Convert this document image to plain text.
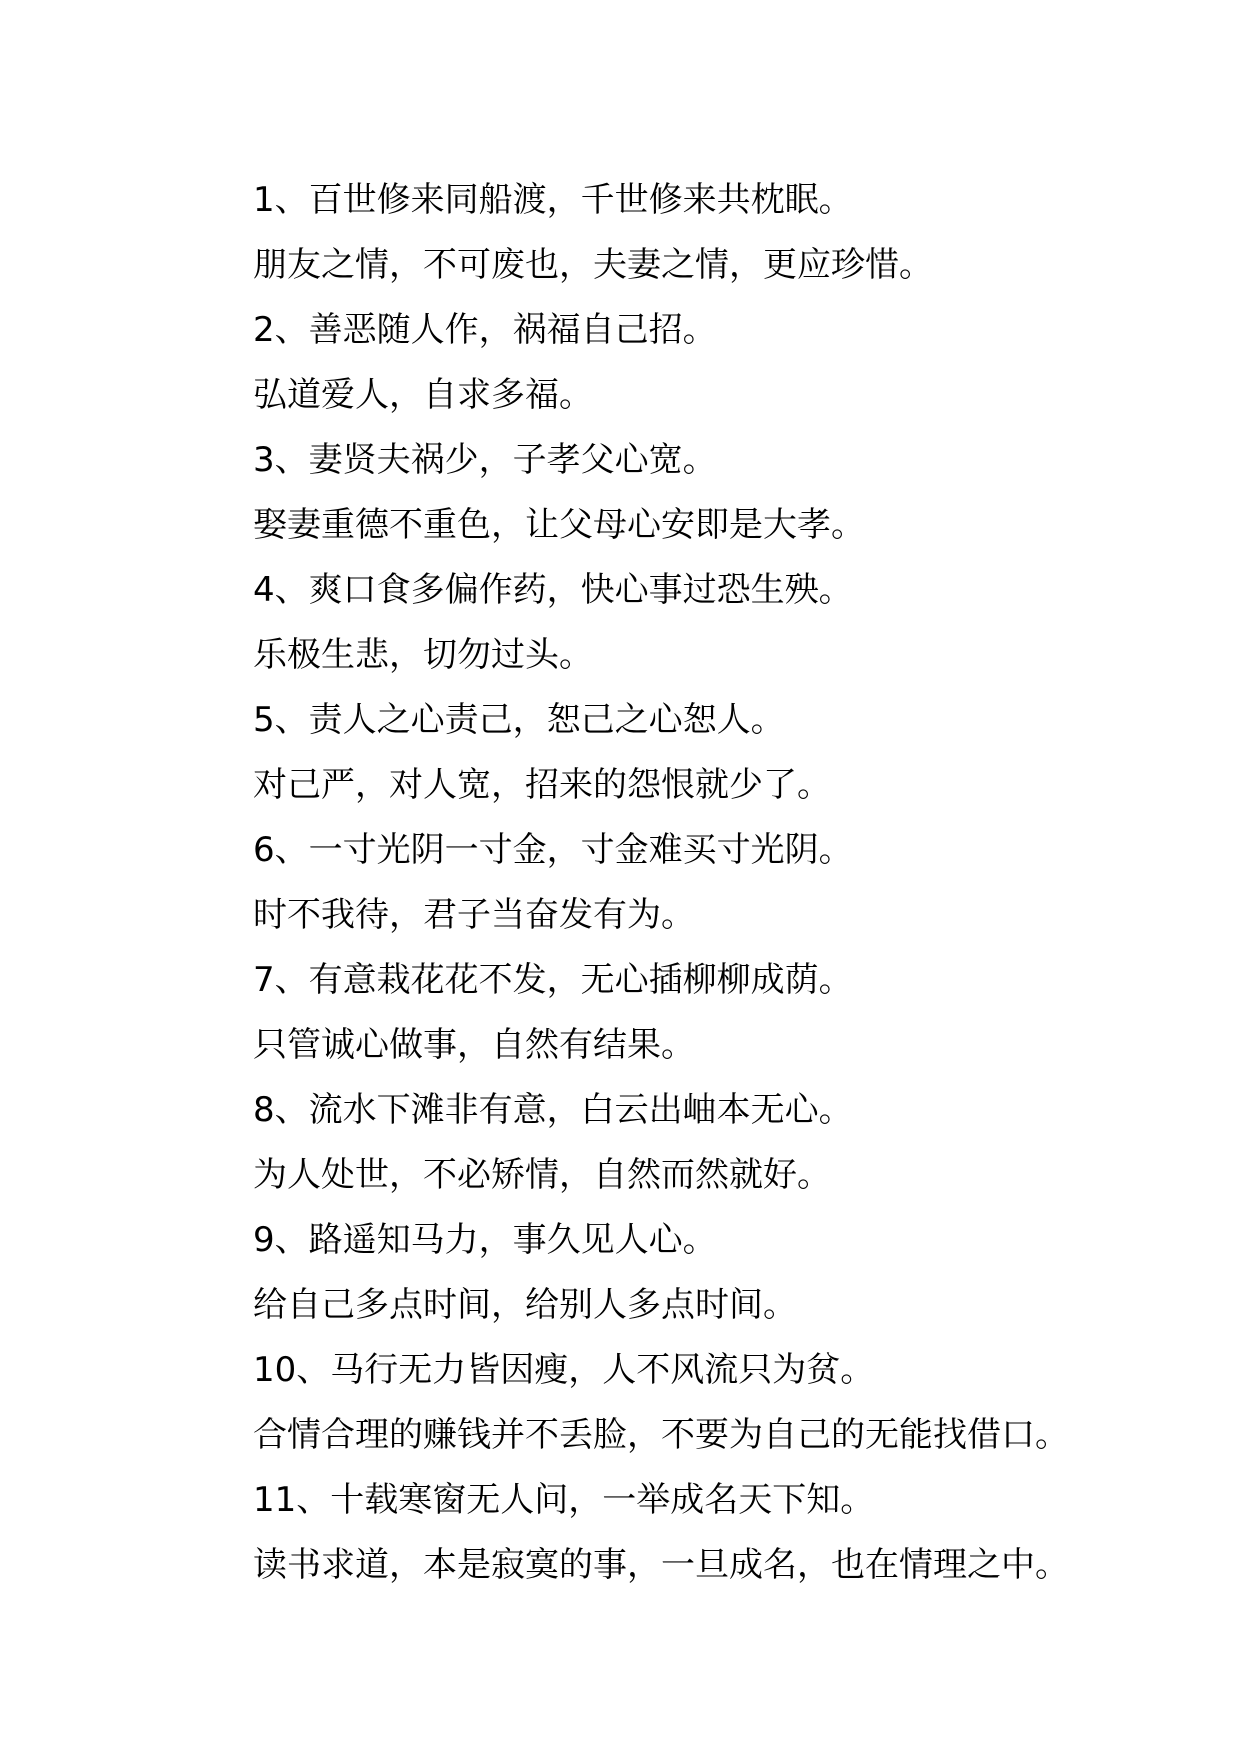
1、百世修来同船渡，千世修来共枕眠。

朋友之情，不可废也，夫妻之情，更应珍惜。

2、善恶随人作，祸福自己招。

弘道爱人，自求多福。

3、妻贤夫祸少，子孝父心宽。

娶妻重德不重色，让父母心安即是大孝。

4、爽口食多偏作药，快心事过恐生殃。

乐极生悲，切勿过头。

5、责人之心责己，恕己之心恕人。

对己严，对人宽，招来的怨恨就少了。

6、一寸光阴一寸金，寸金难买寸光阴。

时不我待，君子当奋发有为。

7、有意栽花花不发，无心插柳柳成荫。

只管诚心做事，自然有结果。

8、流水下滩非有意，白云出岫本无心。

为人处世，不必矫情，自然而然就好。

9、路遥知马力，事久见人心。

给自己多点时间，给别人多点时间。

10、马行无力皆因瘦，人不风流只为贫。

合情合理的赚钱并不丢脸，不要为自己的无能找借口。

11、十载寒窗无人问，一举成名天下知。

读书求道，本是寂寞的事，一旦成名，也在情理之中。
